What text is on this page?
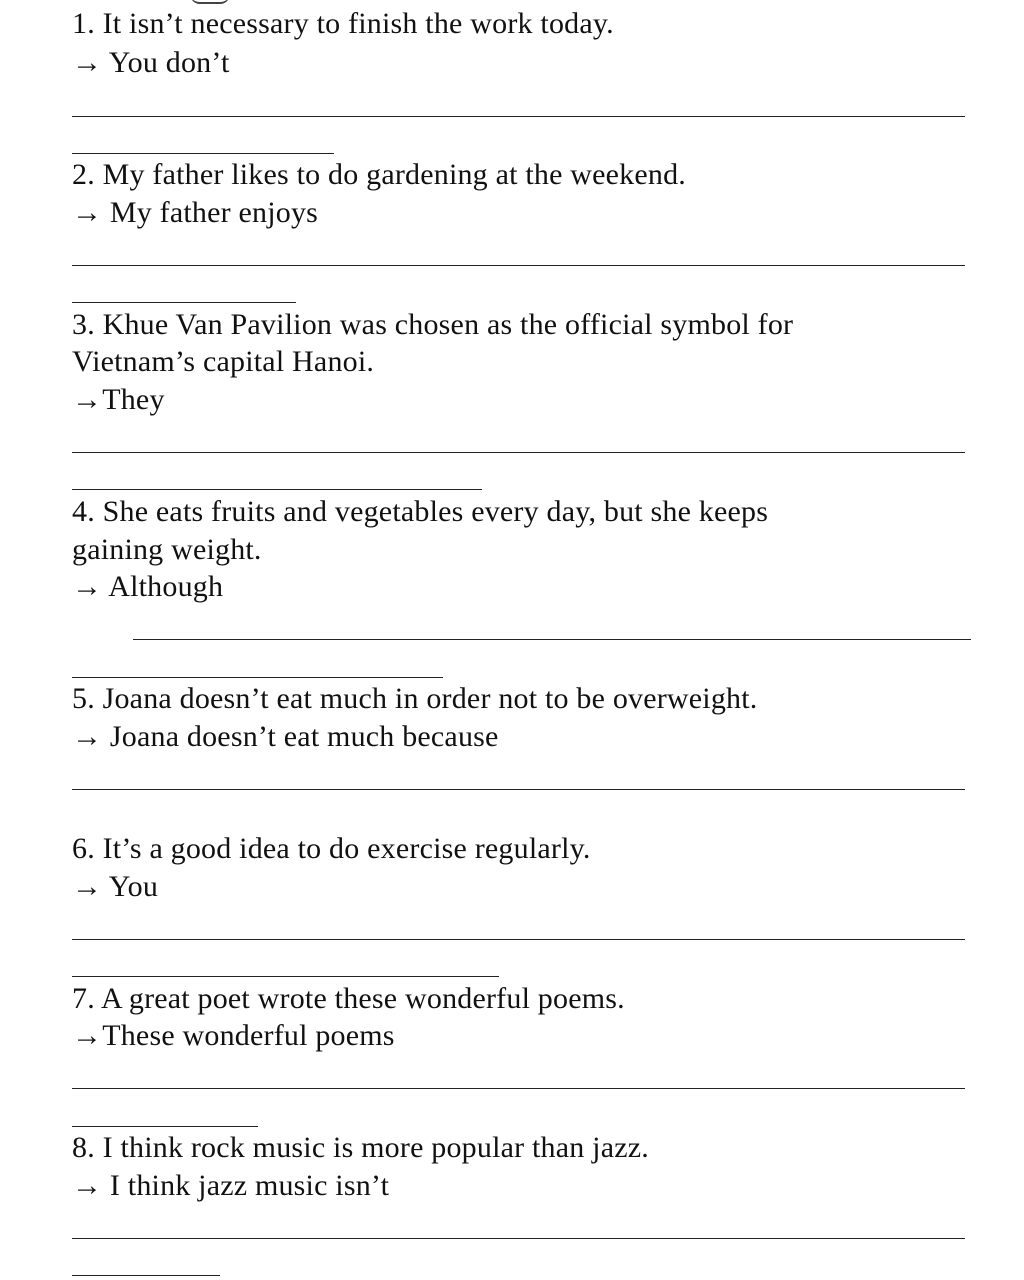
1. It isn’t necessary to finish the work today.
→ You don’t
2. My father likes to do gardening at the weekend.
→ My father enjoys
3. Khue Van Pavilion was chosen as the official symbol for
Vietnam’s capital Hanoi.
→They
4. She eats fruits and vegetables every day, but she keeps
gaining weight.
→ Although
5. Joana doesn’t eat much in order not to be overweight.
→ Joana doesn’t eat much because
6. It’s a good idea to do exercise regularly.
→ You
7. A great poet wrote these wonderful poems.
→These wonderful poems
8. I think rock music is more popular than jazz.
→ I think jazz music isn’t
